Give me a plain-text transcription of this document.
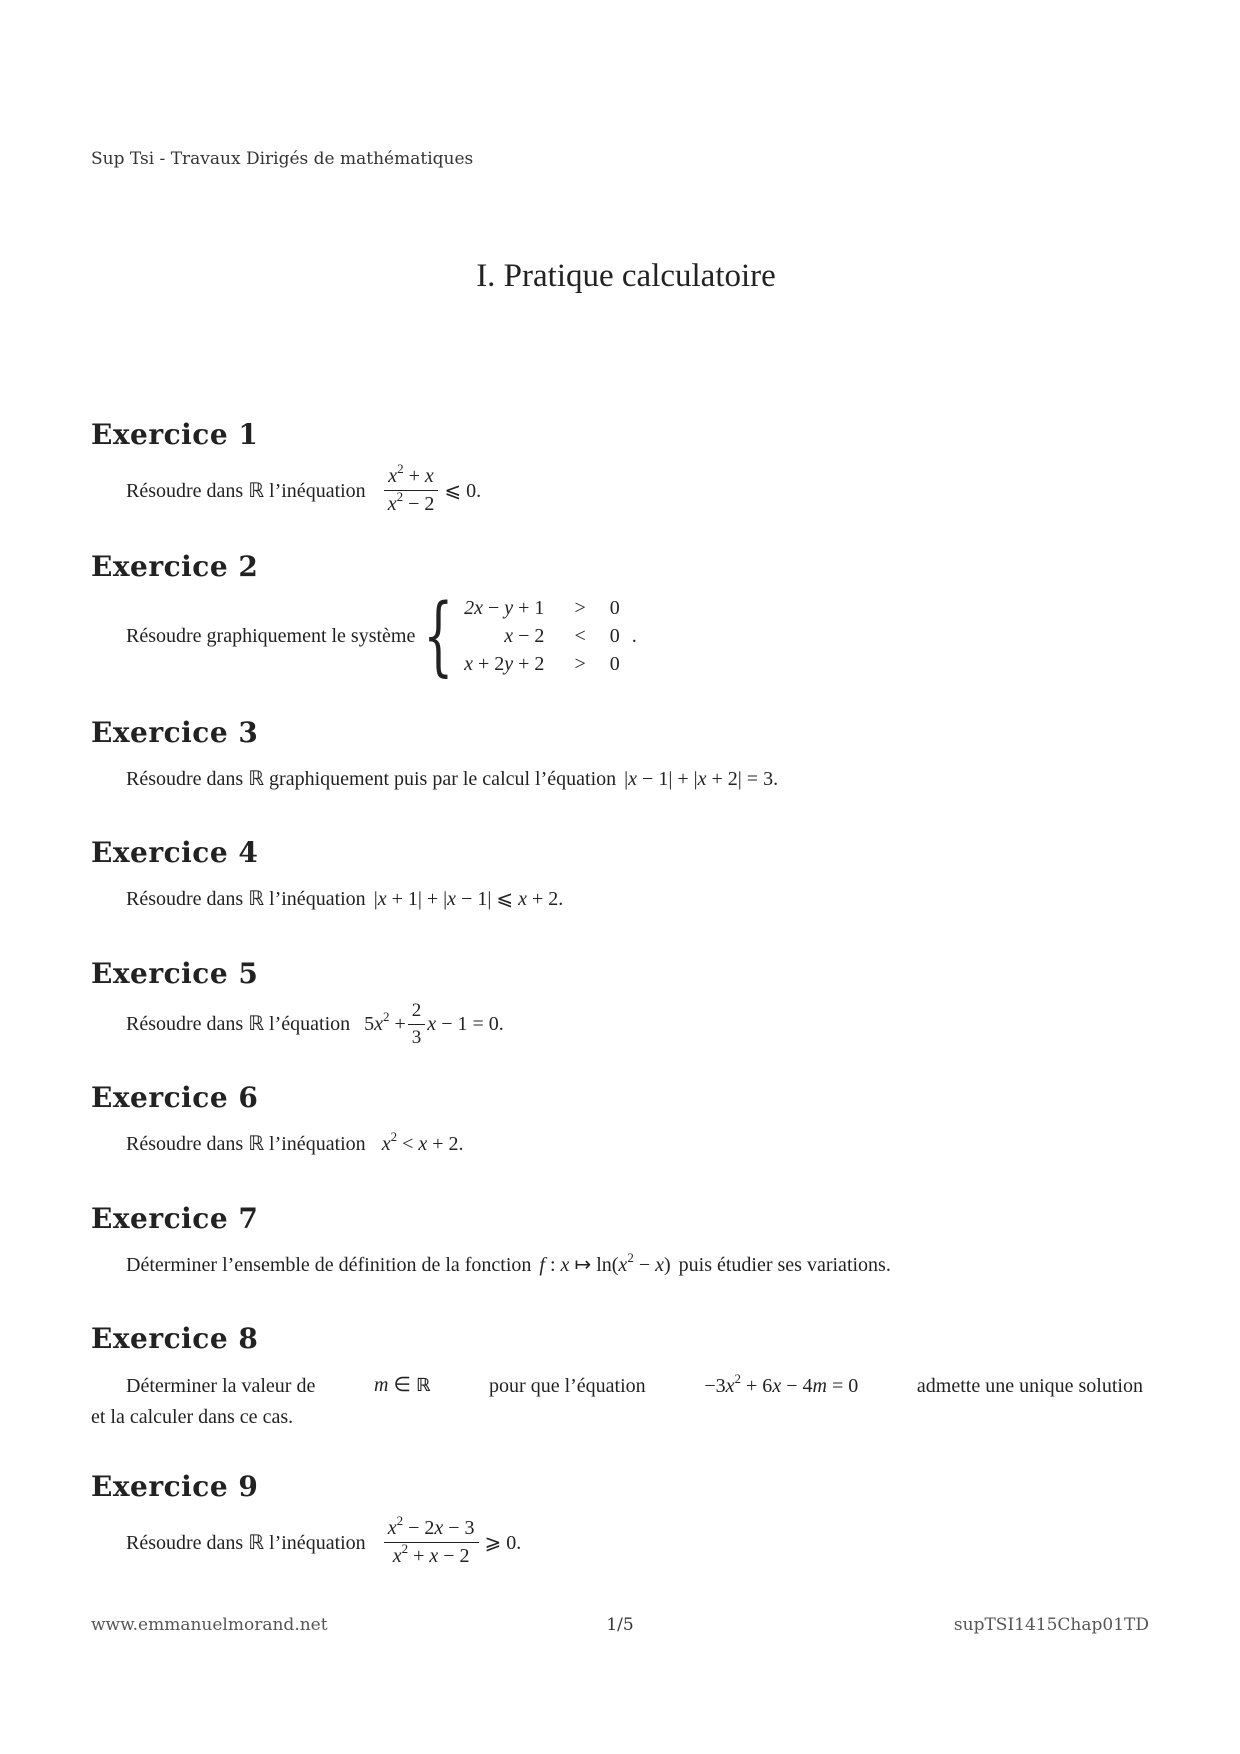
Sup Tsi - Travaux Dirigés de mathématiques
I. Pratique calculatoire
Exercice 1
Résoudre dans ℝ l’inéquation $\frac{x^2 + x}{x^2 - 2}$ ⩽ 0.
Exercice 2
Résoudre graphiquement le système { 2x − y + 1	>	0
x − 2	<	0
x + 2y + 2	>	0
.
Exercice 3
Résoudre dans ℝ graphiquement puis par le calcul l’équation |x − 1| + |x + 2| = 3.
Exercice 4
Résoudre dans ℝ l’inéquation |x + 1| + |x − 1| ⩽ x + 2.
Exercice 5
Résoudre dans ℝ l’équation $5x^2 + \frac{2}{3}$ x − 1 = 0.
Exercice 6
Résoudre dans ℝ l’inéquation $x^2 < x + 2$.
Exercice 7
Déterminer l’ensemble de définition de la fonction f : x ↦ $\ln(x^2 - x)$ puis étudier ses variations.
Exercice 8
Déterminer la valeur de	m ∈ ℝ	pour que l’équation	$-3x^2 + 6x - 4m = 0$	admette une unique solution
et la calculer dans ce cas.
Exercice 9
Résoudre dans ℝ l’inéquation $\frac{x^2 - 2x - 3}{x^2 + x - 2}$ ⩾ 0.
www.emmanuelmorand.net	1/5	supTSI1415Chap01TD
